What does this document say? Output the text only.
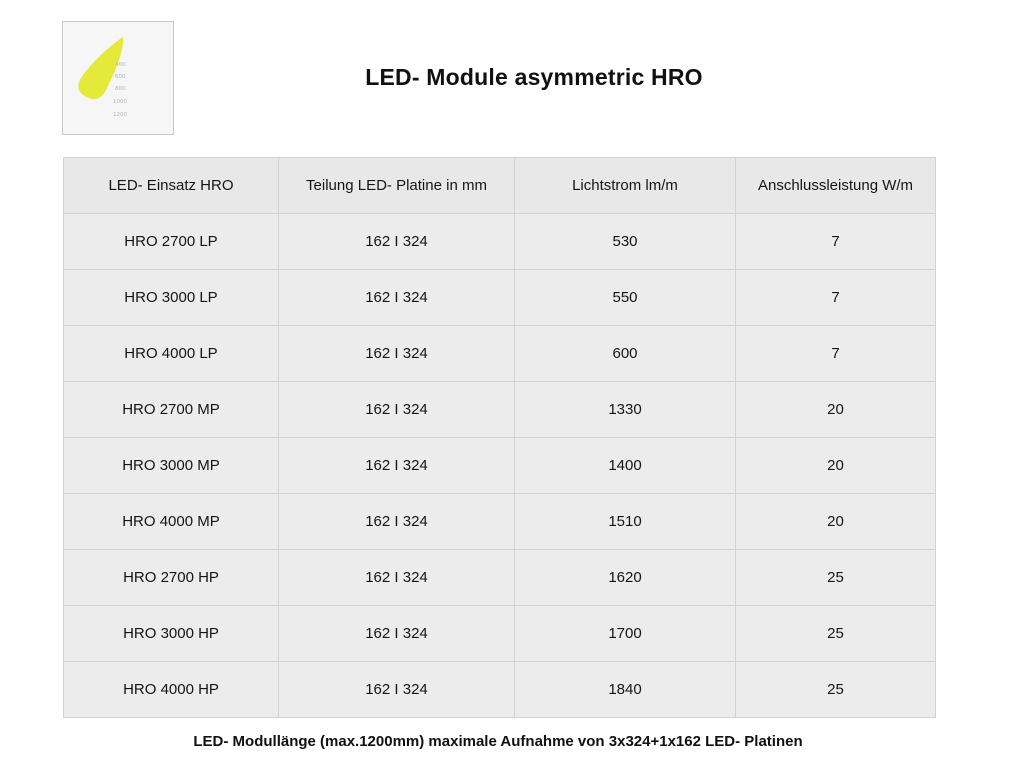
400
600
800
1000
1200
LED- Module asymmetric HRO
LED- Einsatz HRO	Teilung LED- Platine in mm	Lichtstrom lm/m	Anschlussleistung W/m
HRO 2700 LP	162 I 324	530	7
HRO 3000 LP	162 I 324	550	7
HRO 4000 LP	162 I 324	600	7
HRO 2700 MP	162 I 324	1330	20
HRO 3000 MP	162 I 324	1400	20
HRO 4000 MP	162 I 324	1510	20
HRO 2700 HP	162 I 324	1620	25
HRO 3000 HP	162 I 324	1700	25
HRO 4000 HP	162 I 324	1840	25
LED- Modullänge (max.1200mm) maximale Aufnahme von 3x324+1x162 LED- Platinen
